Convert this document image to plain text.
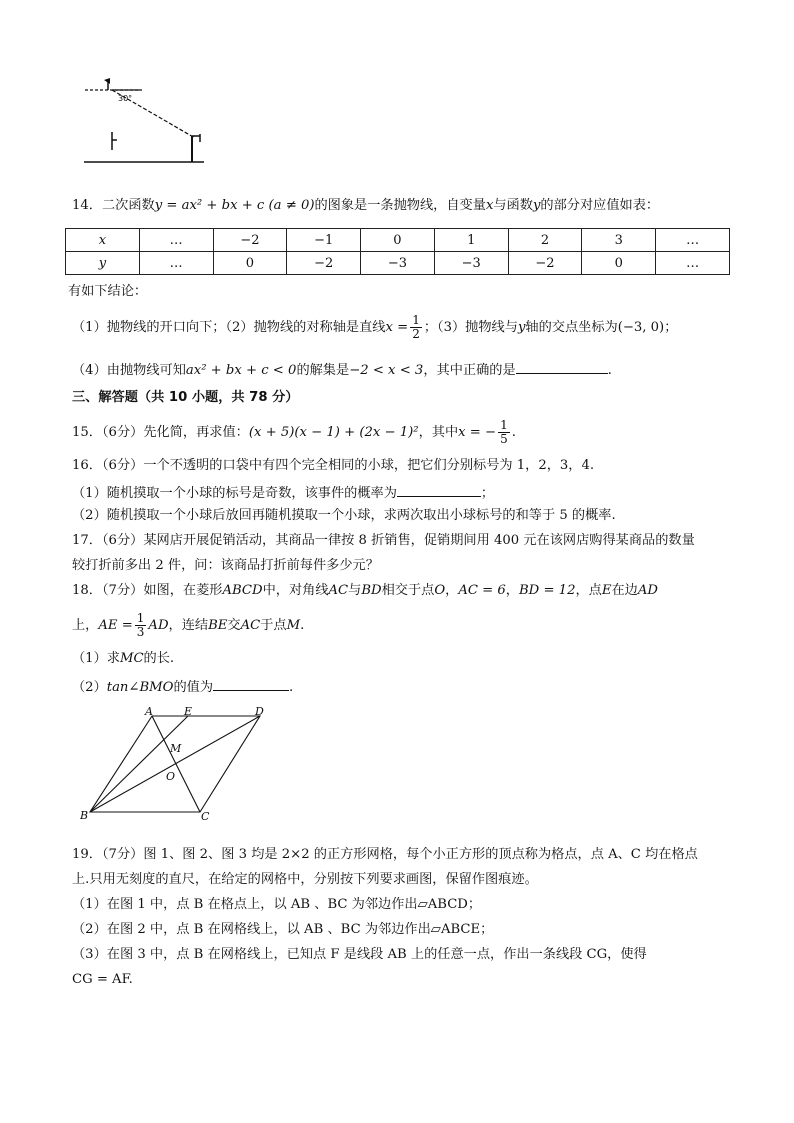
30°
14．二次函数y = ax² + bx + c (a ≠ 0)的图象是一条抛物线，自变量x与函数y的部分对应值如表：
x	…	−2	−1	0	1	2	3	…
y	…	0	−2	−3	−3	−2	0	…
有如下结论：
（1）抛物线的开口向下；（2）抛物线的对称轴是直线$x = \frac{1}{2}$ ；（3）抛物线与y轴的交点坐标为(−3, 0)；
（4）由抛物线可知ax² + bx + c < 0的解集是−2 < x < 3，其中正确的是	.
三、解答题（共 10 小题，共 78 分）
15．（6分）先化简，再求值：(x + 5)(x − 1) + (2x − 1)²，其中x = − $\frac{1}{5}$ .
16．（6分）一个不透明的口袋中有四个完全相同的小球，把它们分别标号为 1，2，3，4.
（1）随机摸取一个小球的标号是奇数，该事件的概率为	；
（2）随机摸取一个小球后放回再随机摸取一个小球，求两次取出小球标号的和等于 5 的概率.
17．（6分）某网店开展促销活动，其商品一律按 8 折销售，促销期间用 400 元在该网店购得某商品的数量
较打折前多出 2 件，问：该商品打折前每件多少元？
18．（7分）如图，在菱形ABCD中，对角线AC与BD相交于点O，AC = 6，BD = 12，点E在边AD
上，AE = $\frac{1}{3}$ AD，连结BE交AC于点M.
（1）求MC的长.
（2）tan∠BMO的值为	.
A	E	D
M
O
B	C
19．（7分）图 1、图 2、图 3 均是 2×2 的正方形网格，每个小正方形的顶点称为格点，点 A、C 均在格点
上.只用无刻度的直尺，在给定的网格中，分别按下列要求画图，保留作图痕迹。
（1）在图 1 中，点 B 在格点上，以 AB 、BC 为邻边作出▱ABCD；
（2）在图 2 中，点 B 在网格线上，以 AB 、BC 为邻边作出▱ABCE；
（3）在图 3 中，点 B 在网格线上，已知点 F 是线段 AB 上的任意一点，作出一条线段 CG，使得
CG = AF.
